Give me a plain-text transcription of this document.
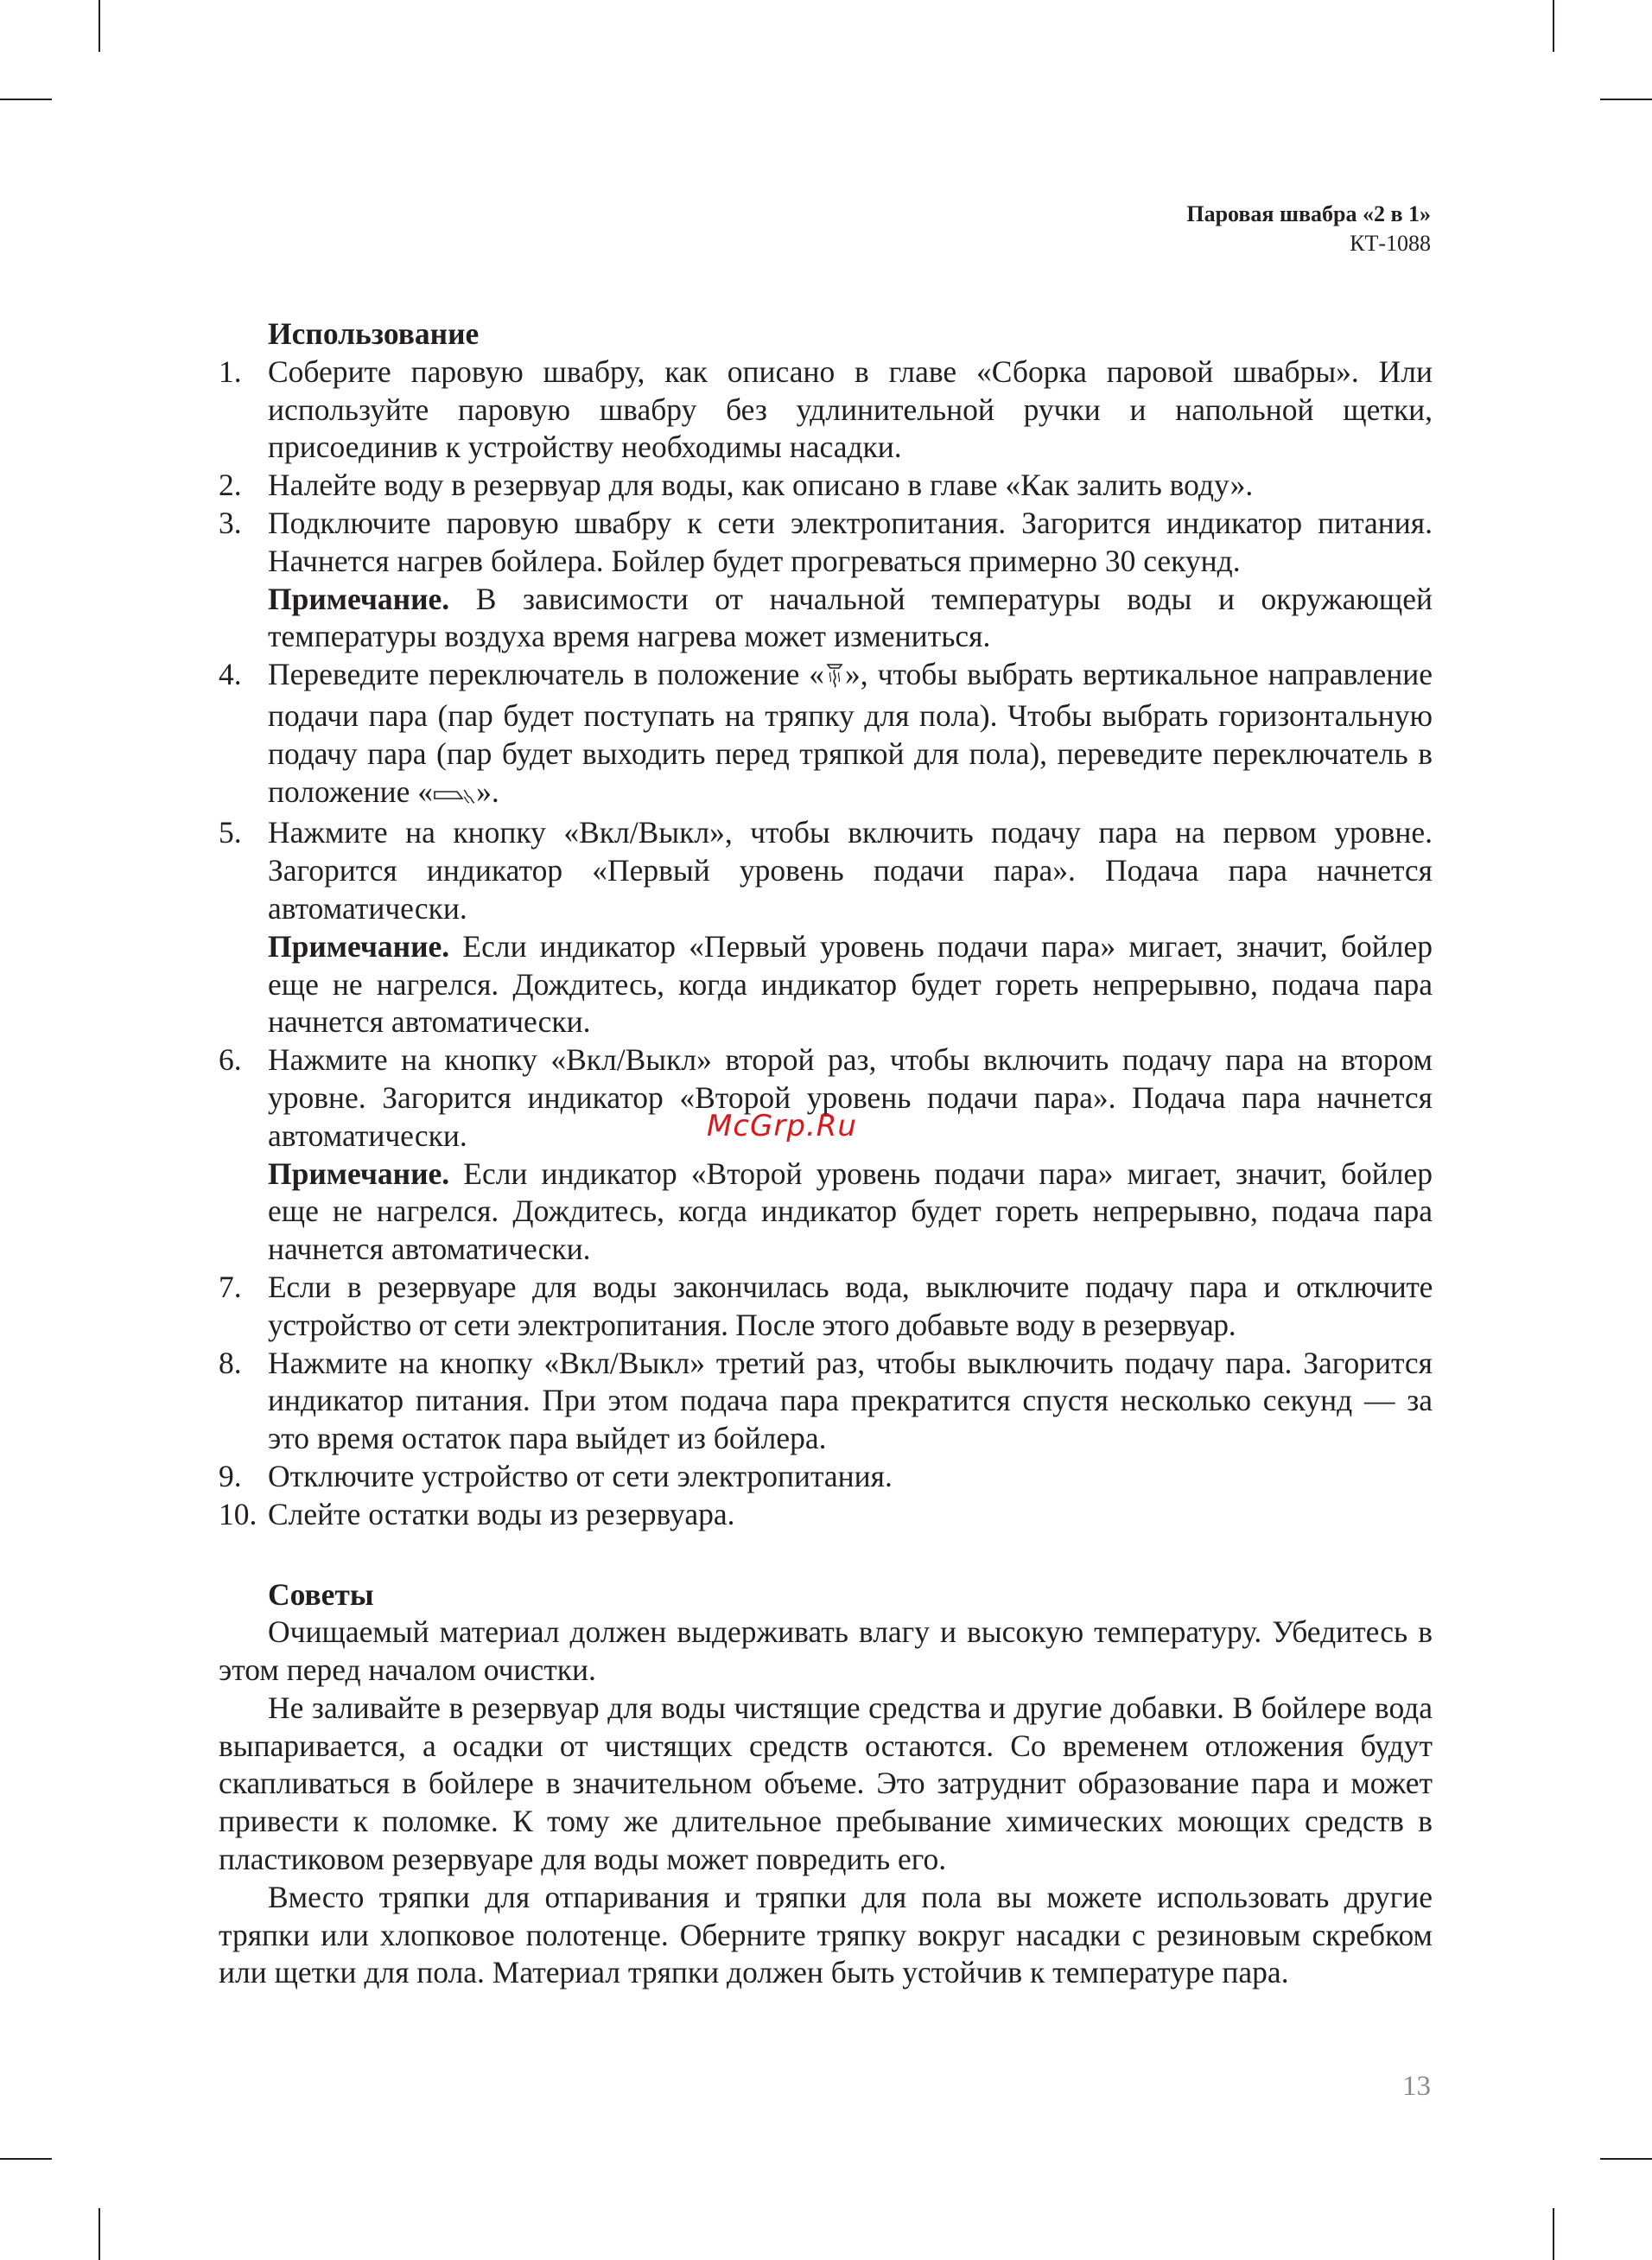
Паровая швабра «2 в 1»
КТ-1088

Использование

1. Соберите паровую швабру, как описано в главе «Сборка паровой швабры». Или используйте паровую швабру без удлинительной ручки и напольной щетки, присоединив к устройству необходимы насадки.
2. Налейте воду в резервуар для воды, как описано в главе «Как залить воду».
3. Подключите паровую швабру к сети электропитания. Загорится индикатор питания. Начнется нагрев бойлера. Бойлер будет прогреваться примерно 30 секунд.
Примечание. В зависимости от начальной температуры воды и окружающей температуры воздуха время нагрева может измениться.
4. Переведите переключатель в положение « », чтобы выбрать вертикальное направление подачи пара (пар будет поступать на тряпку для пола). Чтобы выбрать горизонтальную подачу пара (пар будет выходить перед тряпкой для пола), переведите переключатель в положение « ».
5. Нажмите на кнопку «Вкл/Выкл», чтобы включить подачу пара на первом уровне. Загорится индикатор «Первый уровень подачи пара». Подача пара начнется автоматически.
Примечание. Если индикатор «Первый уровень подачи пара» мигает, значит, бойлер еще не нагрелся. Дождитесь, когда индикатор будет гореть непрерывно, подача пара начнется автоматически.
6. Нажмите на кнопку «Вкл/Выкл» второй раз, чтобы включить подачу пара на втором уровне. Загорится индикатор «Второй уровень подачи пара». Подача пара начнется автоматически.
Примечание. Если индикатор «Второй уровень подачи пара» мигает, значит, бойлер еще не нагрелся. Дождитесь, когда индикатор будет гореть непрерывно, подача пара начнется автоматически.
7. Если в резервуаре для воды закончилась вода, выключите подачу пара и отключите устройство от сети электропитания. После этого добавьте воду в резервуар.
8. Нажмите на кнопку «Вкл/Выкл» третий раз, чтобы выключить подачу пара. Загорится индикатор питания. При этом подача пара прекратится спустя несколько секунд — за это время остаток пара выйдет из бойлера.
9. Отключите устройство от сети электропитания.
10. Слейте остатки воды из резервуара.

Советы

Очищаемый материал должен выдерживать влагу и высокую температуру. Убедитесь в этом перед началом очистки.

Не заливайте в резервуар для воды чистящие средства и другие добавки. В бойлере вода выпаривается, а осадки от чистящих средств остаются. Со временем отложения будут скапливаться в бойлере в значительном объеме. Это затруднит образование пара и может привести к поломке. К тому же длительное пребывание химических моющих средств в пластиковом резервуаре для воды может повредить его.

Вместо тряпки для отпаривания и тряпки для пола вы можете использовать другие тряпки или хлопковое полотенце. Оберните тряпку вокруг насадки с резиновым скребком или щетки для пола. Материал тряпки должен быть устойчив к температуре пара.

McGrp.Ru
13
